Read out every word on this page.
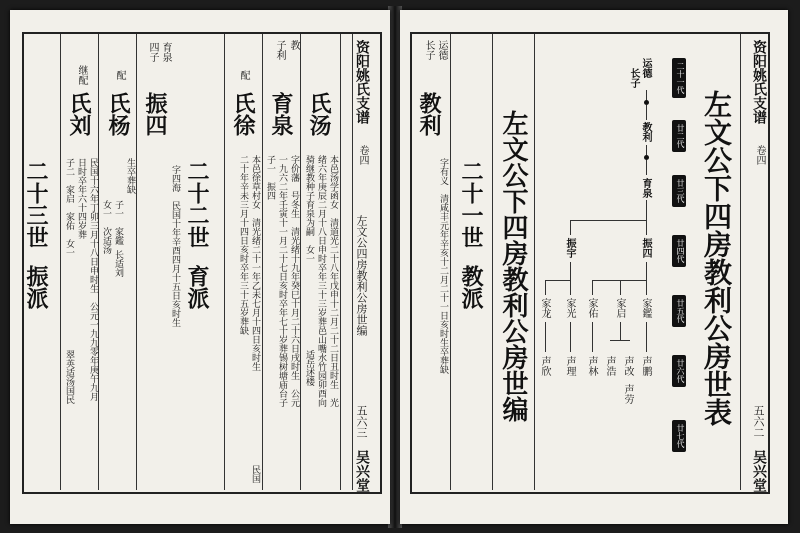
资阳姚氏支谱
卷四
左文公四房教利公房世编
五六三
吴兴堂
氏汤
本邑汤学函女　清道光二十八年戊申十二月二十二日丑时生　光
绪六年庚辰二月十八日申时卒年三十三岁葬邑山嘴水竹园卯酉向
骑继教种子育泉为嗣　女一
适岳述楼
教
子利
育泉
字价藩　号冬生　清光绪十九年癸巳十月二十六日戌时生　公元
一九六二年壬寅十一月二十七日亥时卒年七十岁葬锡树塘庙台子
子一　振四
配
氏徐
本邑徐草村女　清光绪二十一年乙未七月十四日亥时生　
二十年辛未三月十四日亥时卒年三十五岁葬缺
民国
二十二世
育派
育泉
四子
振四
字四海　民国十年辛酉四月十五日亥时生
配
氏杨
生卒葬缺
子一　家鑑
女一　次适汤
长适刘
继配
氏刘
民国十六年丁卯三月十八日申时生　公元一九九零年庚午九月
日时卒年六十四岁葬
子二　家启　家佑　女一
翠英适汤国民
二十三世
振派
资阳姚氏支谱
卷四
五六二
吴兴堂
左文公下四房教利公房世表
二十一代
廿二代
廿三代
廿四代
廿五代
廿六代
廿七代
运德
长子
教利
育泉
振宇	振四
家龙 家光 家佑 家启 家鑑
声欣 声理 声林 声浩 声改
声劳
声鹏
左文公下四房教利公房世编
二十一世
教派
运德
长子
教利
字有义　清咸丰元年辛亥十二月二十一日亥时生卒葬缺
